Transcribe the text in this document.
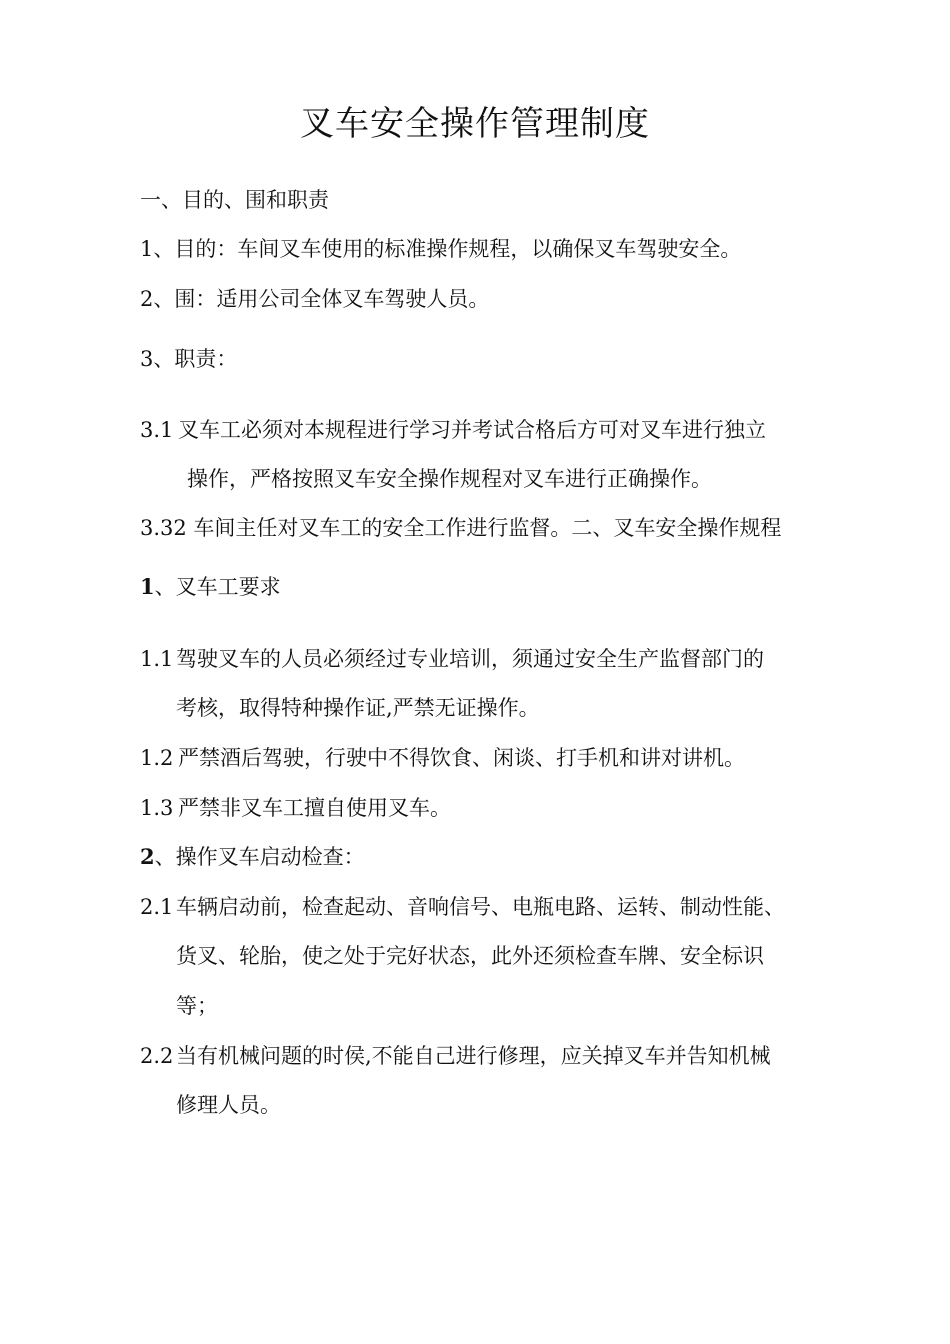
叉车安全操作管理制度
一、目的、围和职责
1、目的：车间叉车使用的标准操作规程，以确保叉车驾驶安全。
2、围：适用公司全体叉车驾驶人员。
3、职责：
3.1 叉车工必须对本规程进行学习并考试合格后方可对叉车进行独立
操作，严格按照叉车安全操作规程对叉车进行正确操作。
3.32 车间主任对叉车工的安全工作进行监督。二、叉车安全操作规程
1、叉车工要求
1.1 驾驶叉车的人员必须经过专业培训，须通过安全生产监督部门的
考核，取得特种操作证,严禁无证操作。
1.2 严禁酒后驾驶，行驶中不得饮食、闲谈、打手机和讲对讲机。
1.3 严禁非叉车工擅自使用叉车。
2、操作叉车启动检查：
2.1 车辆启动前，检查起动、音响信号、电瓶电路、运转、制动性能、
货叉、轮胎，使之处于完好状态，此外还须检查车牌、安全标识
等；
2.2 当有机械问题的时侯,不能自己进行修理，应关掉叉车并告知机械
修理人员。
